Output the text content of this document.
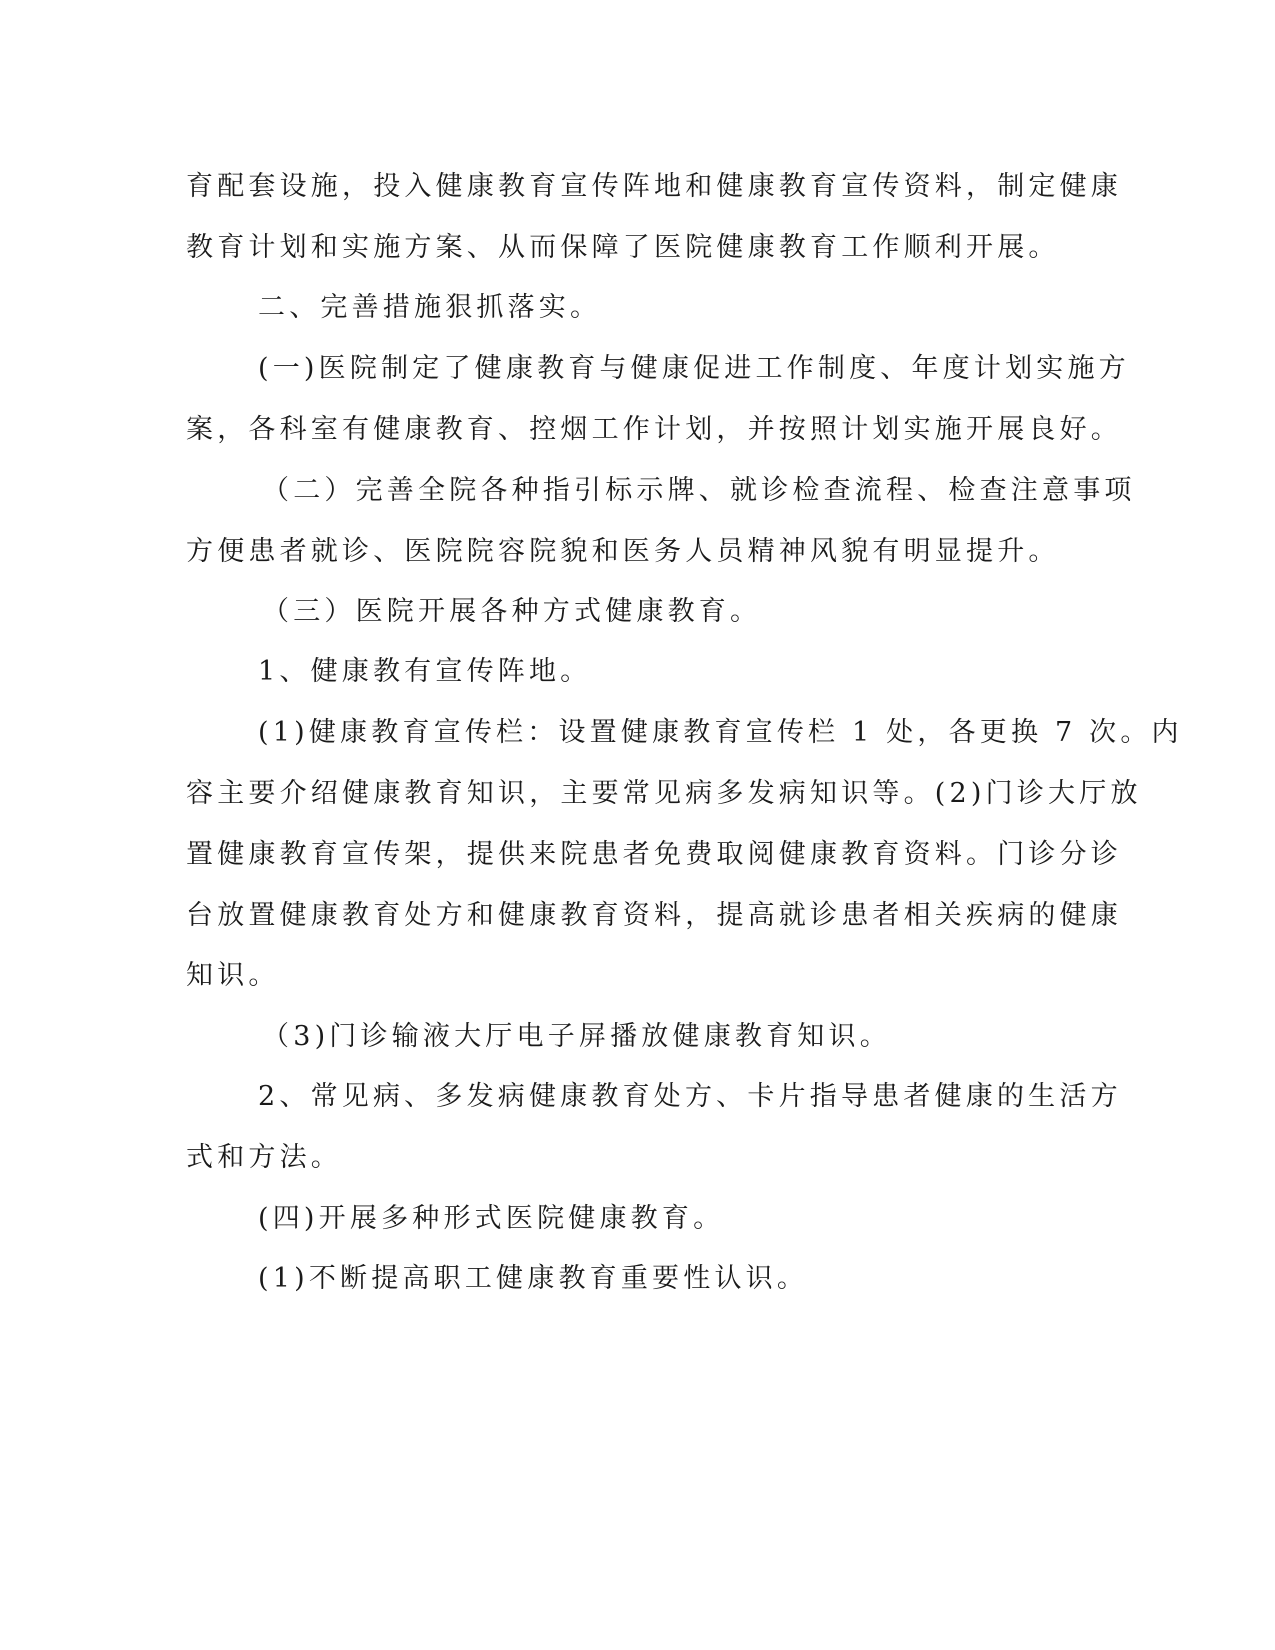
育配套设施，投入健康教育宣传阵地和健康教育宣传资料，制定健康
教育计划和实施方案、从而保障了医院健康教育工作顺利开展。
二、完善措施狠抓落实。
(一)医院制定了健康教育与健康促进工作制度、年度计划实施方
案，各科室有健康教育、控烟工作计划，并按照计划实施开展良好。
（二）完善全院各种指引标示牌、就诊检查流程、检查注意事项
方便患者就诊、医院院容院貌和医务人员精神风貌有明显提升。
（三）医院开展各种方式健康教育。
1、健康教有宣传阵地。
(1)健康教育宣传栏：设置健康教育宣传栏 1 处，各更换 7 次。内
容主要介绍健康教育知识，主要常见病多发病知识等。(2)门诊大厅放
置健康教育宣传架，提供来院患者免费取阅健康教育资料。门诊分诊
台放置健康教育处方和健康教育资料，提高就诊患者相关疾病的健康
知识。
（3)门诊输液大厅电子屏播放健康教育知识。
2、常见病、多发病健康教育处方、卡片指导患者健康的生活方
式和方法。
(四)开展多种形式医院健康教育。
(1)不断提高职工健康教育重要性认识。
